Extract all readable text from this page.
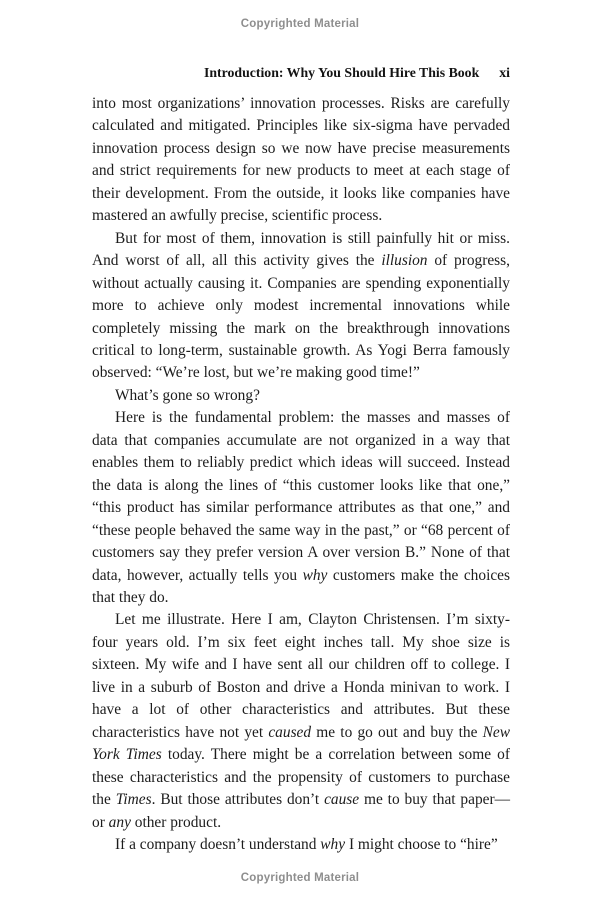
Copyrighted Material
Introduction: Why You Should Hire This Book xi

into most organizations’ innovation processes. Risks are carefully calculated and mitigated. Principles like six-sigma have pervaded innovation process design so we now have precise measurements and strict requirements for new products to meet at each stage of their development. From the outside, it looks like companies have mastered an awfully precise, scientific process.

But for most of them, innovation is still painfully hit or miss. And worst of all, all this activity gives the illusion of progress, without actually causing it. Companies are spending exponentially more to achieve only modest incremental innovations while completely missing the mark on the breakthrough innovations critical to long-term, sustainable growth. As Yogi Berra famously observed: “We’re lost, but we’re making good time!”

What’s gone so wrong?

Here is the fundamental problem: the masses and masses of data that companies accumulate are not organized in a way that enables them to reliably predict which ideas will succeed. Instead the data is along the lines of “this customer looks like that one,” “this product has similar performance attributes as that one,” and “these people behaved the same way in the past,” or “68 percent of customers say they prefer version A over version B.” None of that data, however, actually tells you why customers make the choices that they do.

Let me illustrate. Here I am, Clayton Christensen. I’m sixty-four years old. I’m six feet eight inches tall. My shoe size is sixteen. My wife and I have sent all our children off to college. I live in a suburb of Boston and drive a Honda minivan to work. I have a lot of other characteristics and attributes. But these characteristics have not yet caused me to go out and buy the New York Times today. There might be a correlation between some of these characteristics and the propensity of customers to purchase the Times. But those attributes don’t cause me to buy that paper—or any other product.

If a company doesn’t understand why I might choose to “hire”

Copyrighted Material
